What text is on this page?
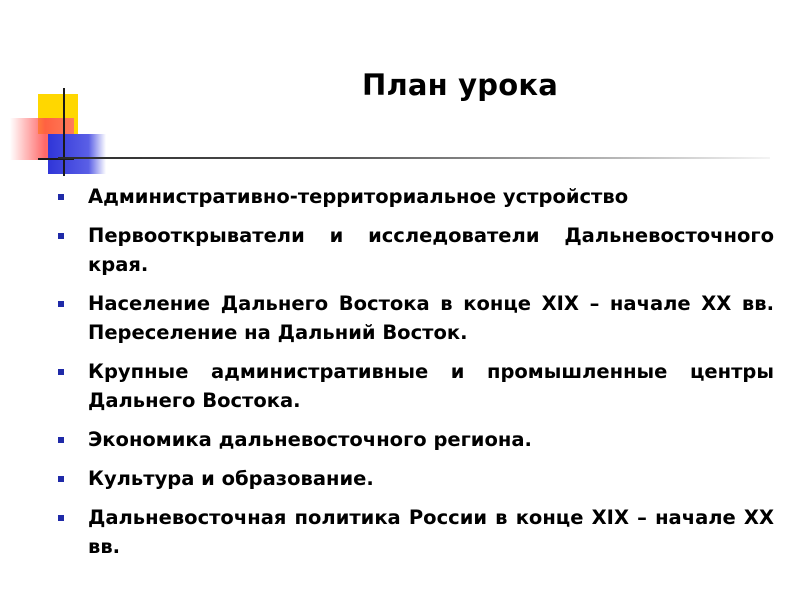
План урока
Административно-территориальное устройство
Первооткрыватели и исследователи Дальневосточного края.
Население Дальнего Востока в конце XIX – начале XX вв. Переселение на Дальний Восток.
Крупные административные и промышленные центры Дальнего Востока.
Экономика дальневосточного региона.
Культура и образование.
Дальневосточная политика России в конце XIX – начале XX вв.
